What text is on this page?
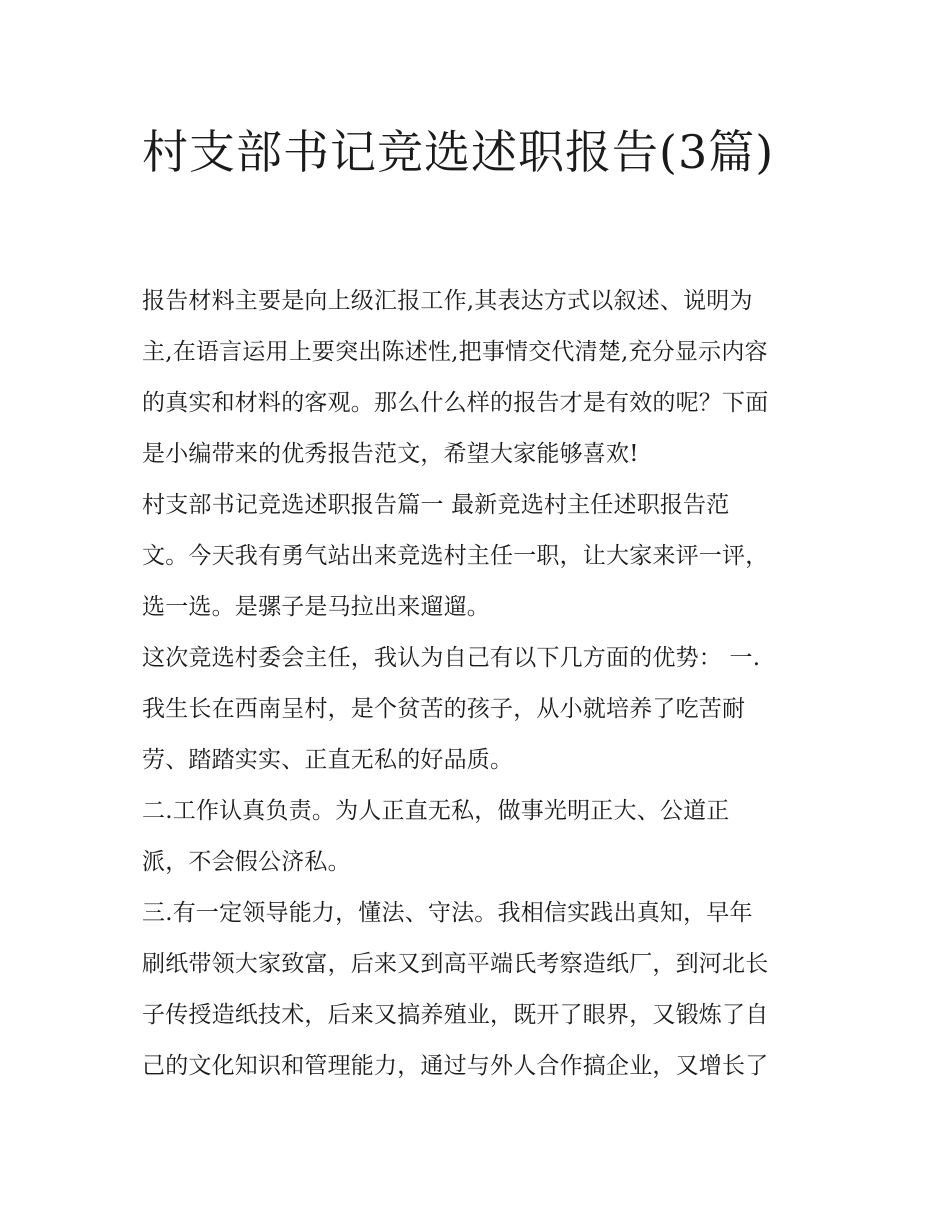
村支部书记竞选述职报告(3篇)
报告材料主要是向上级汇报工作,其表达方式以叙述、说明为
主,在语言运用上要突出陈述性,把事情交代清楚,充分显示内容
的真实和材料的客观。那么什么样的报告才是有效的呢？下面
是小编带来的优秀报告范文，希望大家能够喜欢!
村支部书记竞选述职报告篇一 最新竞选村主任述职报告范
文。今天我有勇气站出来竞选村主任一职，让大家来评一评，
选一选。是骡子是马拉出来遛遛。
这次竞选村委会主任，我认为自己有以下几方面的优势： 一.
我生长在西南呈村，是个贫苦的孩子，从小就培养了吃苦耐
劳、踏踏实实、正直无私的好品质。
二.工作认真负责。为人正直无私，做事光明正大、公道正
派，不会假公济私。
三.有一定领导能力，懂法、守法。我相信实践出真知，早年
刷纸带领大家致富，后来又到高平端氏考察造纸厂，到河北长
子传授造纸技术，后来又搞养殖业，既开了眼界，又锻炼了自
己的文化知识和管理能力，通过与外人合作搞企业，又增长了
